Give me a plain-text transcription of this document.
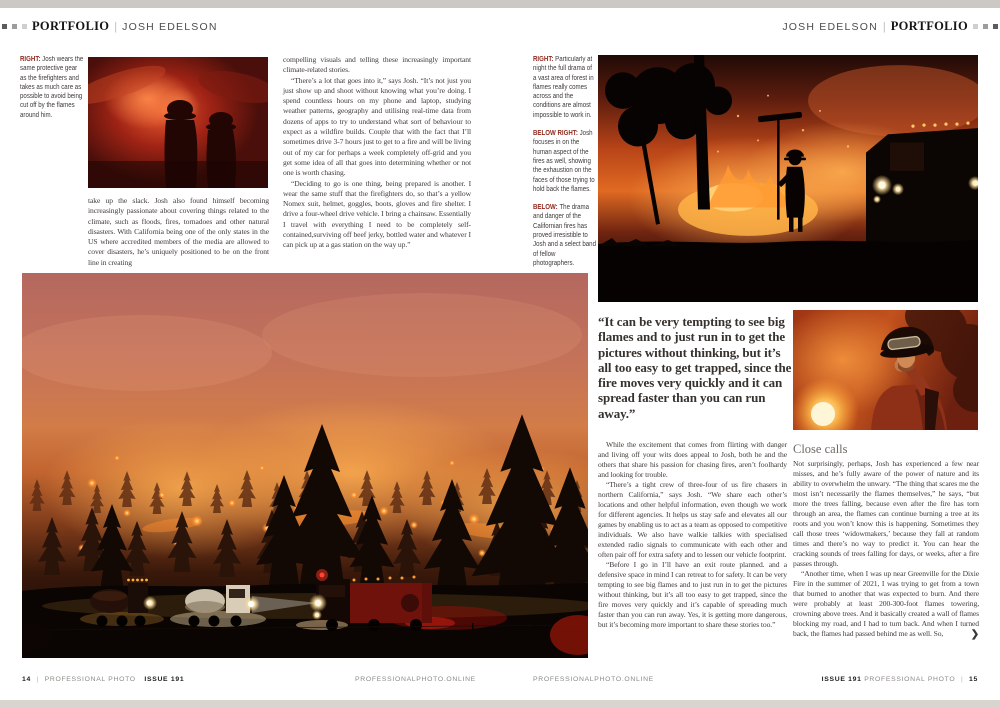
PORTFOLIO | JOSH EDELSON	JOSH EDELSON | PORTFOLIO

RIGHT: Josh wears the same protective gear as the firefighters and takes as much care as possible to avoid being cut off by the flames around him.

take up the slack. Josh also found himself becoming increasingly passionate about covering things related to the climate, such as floods, fires, tornadoes and other natural disasters. With California being one of the only states in the US where accredited members of the media are allowed to cover disasters, he’s uniquely positioned to be on the front line in creating

compelling visuals and telling these increasingly important climate-related stories.

“There’s a lot that goes into it,” says Josh. “It’s not just you just show up and shoot without knowing what you’re doing. I spend countless hours on my phone and laptop, studying weather patterns, geography and utilising real-time data from dozens of apps to try to understand what sort of behaviour to expect as a wildfire builds. Couple that with the fact that I’ll sometimes drive 3-7 hours just to get to a fire and will be living out of my car for perhaps a week completely off-grid and you get some idea of all that goes into determining whether or not one is worth chasing.

“Deciding to go is one thing, being prepared is another. I wear the same stuff that the firefighters do, so that’s a yellow Nomex suit, helmet, goggles, boots, gloves and fire shelter. I drive a four-wheel drive vehicle. I bring a chainsaw. Essentially I travel with everything I need to be completely self-contained,surviving off beef jerky, bottled water and whatever I can pick up at a gas station on the way up.”

RIGHT: Particularly at night the full drama of a vast area of forest in flames really comes across and the conditions are almost impossible to work in.

BELOW RIGHT: Josh focuses in on the human aspect of the fires as well, showing the exhaustion on the faces of those trying to hold back the flames.

BELOW: The drama and danger of the Californian fires has proved irresistible to Josh and a select band of fellow photographers.

“It can be very tempting to see big flames and to just run in to get the pictures without thinking, but it’s all too easy to get trapped, since the fire moves very quickly and it can spread faster than you can run away.”

While the excitement that comes from flirting with danger and living off your wits does appeal to Josh, both he and the others that share his passion for chasing fires, aren’t foolhardy and looking for trouble.

“There’s a tight crew of three-four of us fire chasers in northern California,” says Josh. “We share each other’s locations and other helpful information, even though we work for different agencies. It helps us stay safe and elevates all our games by enabling us to act as a team as opposed to competitive individuals. We also have walkie talkies with specialised extended radio signals to communicate with each other and often pair off for extra safety and to lessen our vehicle footprint.

“Before I go in I’ll have an exit route planned. and a defensive space in mind I can retreat to for safety. It can be very tempting to see big flames and to just run in to get the pictures without thinking, but it’s all too easy to get trapped, since the fire moves very quickly and it’s capable of spreading much faster than you can run away. Yes, it is getting more dangerous, but it’s becoming more important to share these stories too.”

Close calls

Not surprisingly, perhaps, Josh has experienced a few near misses, and he’s fully aware of the power of nature and its ability to overwhelm the unwary. “The thing that scares me the most isn’t necessarily the flames themselves,” he says, “but more the trees falling, because even after the fire has torn through an area, the flames can continue burning a tree at its roots and you won’t know this is happening. Sometimes they call those trees ‘widowmakers,’ because they fall at random times and there’s no way to predict it. You can hear the cracking sounds of trees falling for days, or weeks, after a fire passes through.

“Another time, when I was up near Greenville for the Dixie Fire in the summer of 2021, I was trying to get from a town that burned to another that was expected to burn. And there were probably at least 200-300-foot flames towering, crowning above trees. And it basically created a wall of flames blocking my road, and I had to turn back. And when I turned back, the flames had passed behind me as well. So,	❯
14 | PROFESSIONAL PHOTO ISSUE 191	PROFESSIONALPHOTO.ONLINE	PROFESSIONALPHOTO.ONLINE	ISSUE 191 PROFESSIONAL PHOTO | 15
